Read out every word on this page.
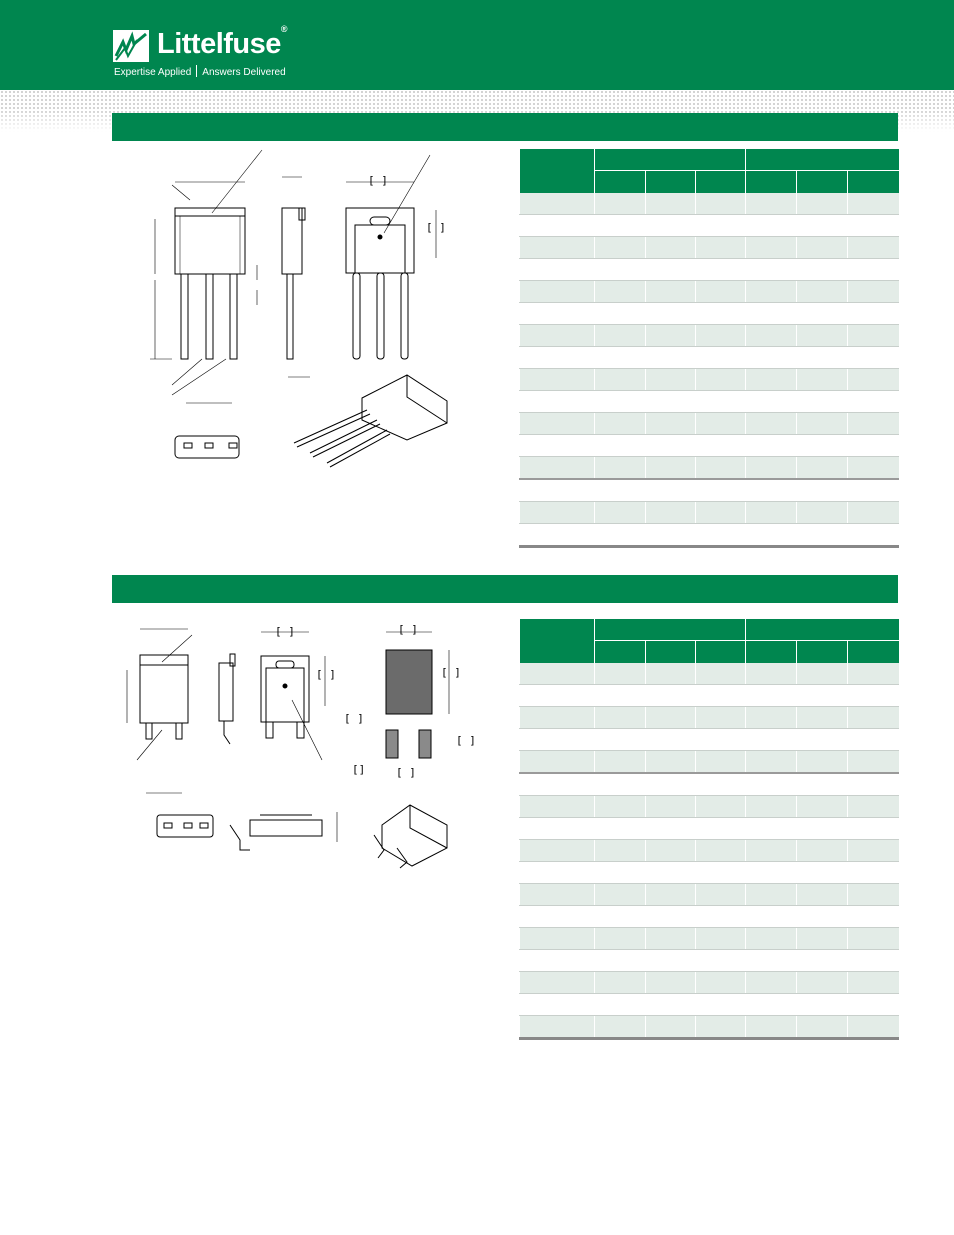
Littelfuse®
Expertise Applied Answers Delivered
[ ]
[ ]

[ ]
[ ]
[ ]
[ ]
[ ]
[ ]
[]	[ ]
